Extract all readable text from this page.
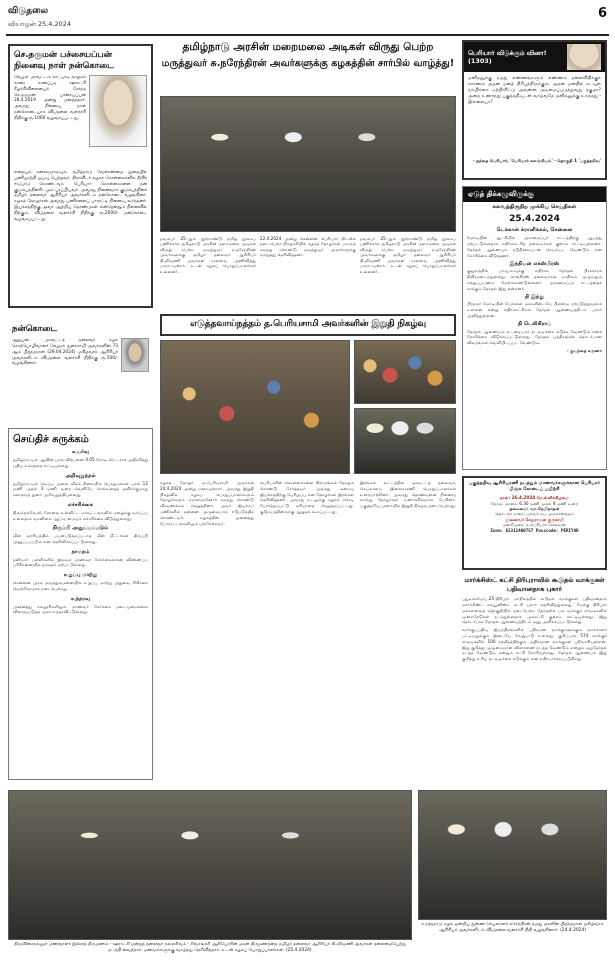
விடுதலை
வியாழன் 25.4.2024
6
செ.தருமன் பச்சையப்பன்
நினைவு நாள் நன்கொடை
வேலூர் மாவட்டம் காட்பாடி தாலுகா காரை கானப்படி ஊராட்சி கீழச்சிவிளையைச் சேர்ந்த செ.தருமன் பச்சையப்பன் 28.4.2019 அன்று மறைந்தார். அவரது நினைவு நாள் நன்கொடையாக விடுதலை வளர்ச்சி நிதிக்கு ரூ.1000 வழங்கப்பட்டது.
எதையும் கலைஞராகவும், தமிழ்நாடு வேளாண்மை துறையில் பணியாற்றி ஓய்வு பெற்றவர். திராவிடர் கழகக் கொள்கைகளில் தீவிர ஈடுபாடு கொண்டவர். பெரியார் கொள்கைகளை தன் குடும்பத்தினரிடமும் பரப்பியவர். அவரது நினைவாக குடும்பத்தினர் தமிழர் தலைவர் ஆசிரியர் அவர்களிடம் நன்கொடை வழங்கினர். கழகத் தோழர்கள் அவரது பணிகளைப் பாராட்டி நினைவு கூர்ந்தனர். இயக்கத்திற்கு அவர் ஆற்றிய தொண்டுகள் என்றென்றும் நினைவில் நிற்கும். விடுதலை வளர்ச்சி நிதிக்கு ரூ.2000/- நன்கொடை வழங்கப்பட்டது.
நன்கொடை
ஆறுபடை மாவட்டத் தலைவர் கழக சொற்பொழிவாளர் வேலூர் துரைசாமி அவர்களின் 73 ஆம் பிறந்தநாள் (29.04.2024) மகிழ்வாக ஆசிரியர் அவர்களிடம் விடுதலை வளர்ச்சி நிதிக்கு ரூ.500/- வழங்கினார்.
செய்திச் சுருக்கம்
உயர்வு
தமிழ்நாட்டில் ஆவின் பால் விற்பனை 4.05 கோடி லிட்டராக அதிகரித்து புதிய உச்சத்தை எட்டியுள்ளது.
அறிவுறுத்தல்
தமிழ்நாட்டில் வெப்ப அலை வீசும் நிலையில் பொதுமக்கள் பகல் 12 மணி முதல் 3 மணி வரை வெளியே செல்வதைத் தவிர்க்குமாறு சுகாதாரத் துறை அறிவுறுத்தியுள்ளது.
எச்சரிக்கை
திருநெல்வேலி, கோவை உள்ளிட்ட மாவட்டங்களில் மழைக்கு வாய்ப்பு உள்ளதாக வானிலை ஆய்வு மையம் எச்சரிக்கை விடுத்துள்ளது.
திருப்பி அனுப்பப்படும்
மின் வாரியத்தில் பயன்படுத்தப்படாத மின் மீட்டர்கள் திருப்பி அனுப்பப்படும் என தெரிவிக்கப்பட்டுள்ளது.
தாமதம்
தனியார் பள்ளிகளில் இலவச மாணவர் சேர்க்கைக்கான விண்ணப்ப பரிசீலனையில் தாமதம் ஏற்பட்டுள்ளது.
உறுப்பு மாற்று
சென்னை அரசு மருத்துவமனையில் உறுப்பு மாற்று அறுவை சிகிச்சை வெற்றிகரமாக நடைபெற்றது.
உத்தரவு
அனைத்து கல்லூரிகளிலும் மாணவர் சேர்க்கை நடைமுறைகளை விரைவுபடுத்த அரசு உத்தரவிட்டுள்ளது.
தமிழ்நாடு அரசின் மறைமலை அடிகள் விருது பெற்ற
மருத்துவர் சு.நரேந்திரன் அவர்களுக்கு கழகத்தின் சார்பில் வாழ்த்து!
நவம்பர் 25-ஆம் நூற்றாண்டு தமிழ் நூலகப் பணிக்காக தமிழ்நாடு அரசின் மறைமலை அடிகள் விருது பெற்ற மருத்துவர் சு.நரேந்திரன் அவர்களுக்கு தமிழர் தலைவர் ஆசிரியர் கி.வீரமணி அவர்கள் சால்வை அணிவித்து பாராட்டினார். உடன் கழகப் பொறுப்பாளர்கள் உள்ளனர்.
22.4.2024 அன்று சென்னை பெரியார் திடலில் நடைபெற்ற நிகழ்ச்சியில் கழகத் தோழர்கள் பலரும் கலந்து கொண்டு மருத்துவர் அவர்களுக்கு வாழ்த்து தெரிவித்தனர்.
நவம்பர் 25-ஆம் நூற்றாண்டு தமிழ் நூலகப் பணிக்காக தமிழ்நாடு அரசின் மறைமலை அடிகள் விருது பெற்ற மருத்துவர் சு.நரேந்திரன் அவர்களுக்கு தமிழர் தலைவர் ஆசிரியர் கி.வீரமணி அவர்கள் சால்வை அணிவித்து பாராட்டினார். உடன் கழகப் பொறுப்பாளர்கள் உள்ளனர்.
எடுத்தவாய்நத்தம் த.பெரியசாமி அவர்களின் இறுதி நிகழ்வு
கழகத் தோழர் த.பெரியசாமி அவர்கள் 24.4.2024 அன்று மறைவுற்றார். அவரது இறுதி நிகழ்வில் கழகப் பொறுப்பாளர்களும் தோழர்களும் ஏராளமானோர் கலந்து கொண்டு வீரவணக்கம் செலுத்தினர். அவர் இயக்கப் பணிகளில் தன்னை முழுமையாக ஈடுபடுத்திக் கொண்டவர். கழகத்தின் அனைத்து போராட்டங்களிலும் பங்கேற்றவர்.
பெரியாரின் கொள்கைகளை கிராமங்கள் தோறும் கொண்டு சேர்த்தவர். அவரது மறைவு இயக்கத்திற்கு பேரிழப்பு என தோழர்கள் இரங்கல் தெரிவித்தனர். அவரது உடலுக்கு கழகக் கொடி போர்த்தப்பட்டு மரியாதை செலுத்தப்பட்டது. குடும்பத்தினருக்கு ஆறுதல் கூறப்பட்டது.
இரங்கல் கூட்டத்தில் மாவட்டத் தலைவர், செயலாளர், இளைஞரணி பொறுப்பாளர்கள் உரையாற்றினர். அவரது தொண்டினை நினைவு கூர்ந்து தோழர்கள் உணர்ச்சிகரமாக பேசினர். பகுத்தறிவு முறையில் இறுதி நிகழ்வு நடைபெற்றது.
பெரியார் விடுக்கும் வினா! (1303)
மனிதனுக்கு நமது எண்ணங்களும் எண்ணம் தலைவிதிக்குக் காரணம் அதன் மனத் திரிபுத்திருக்கும். அதன் மனதில் கடவுள் நம்பிக்கை ஏற்றிவிட்டு அவனை அடிமைப்படுத்துவது தகுமா? அதை உணர்ந்து பகுத்தறிவுடன் வாழ்வதே மனிதனுக்கு உகந்தது - இல்லையா?
- தந்தை பெரியார், 'பெரியார் களஞ்சியம்' - தொகுதி 1 'பகுத்தறிவு'
ஏடுத் திக்கழுவிருக்கு
கலவத்திருநிற முக்கிய செய்திகள்
25.4.2024
டெக்கான் க்ரானிக்கல், சென்னை
மோடியின் ஆட்சியில் அரசமைப்புச் சட்டத்திற்கு ஆபத்து ஏற்பட்டுள்ளதாக எதிர்க்கட்சித் தலைவர்கள் குற்றம் சாட்டியுள்ளனர். தேர்தல் ஆணையம் நடுநிலையுடன் செயல்பட வேண்டும் என கோரிக்கை விடுத்தனர்.
இந்தியன் எக்ஸ்பிரஸ்
குஜராத்தில் பா.ஜ.க.வுக்கு எதிராக தேர்தல் பிரச்சாரம் தீவிரமடைந்துள்ளது. காங்கிரஸ் தலைவர்கள் மாநிலம் முழுவதும் சுற்றுப்பயணம் மேற்கொண்டுள்ளனர். அரசமைப்புச் சட்டத்தைக் காக்கும் தேர்தல் இது என்றனர்.
தி இந்து
பிரதமர் மோடியின் பேச்சுகள் மக்களிடையே பிளவை ஏற்படுத்துவதாக உள்ளன என்று எதிர்க்கட்சிகள் தேர்தல் ஆணையத்திடம் புகார் அளித்துள்ளன.
தி டெலிகிராப்
தேர்தல் ஆணையம் உடனடியாக நடவடிக்கை எடுக்க வேண்டும் எனக் கோரிக்கை விடுக்கப்பட்டுள்ளது. தேர்தல் பத்திரங்கள் தொடர்பான விவரங்கள் வெளியிடப்பட வேண்டும்.
- குடந்தை கருணா
பகுத்தறிவு ஆசிரியரணி நடத்தும் மாணவர்களுக்கான பெரியார் பிஞ்சு கோடைப் பயிற்சி
நாள்: 26.4.2024 வெள்ளிக்கிழமை
நேரம்: மாலை 6.30 மணி முதல் 8 மணி வரை
தலைமை: வா.நேமிநாதன்
தொடக்க உரை: புலவர் சுப.முருகானந்தம்
முனைவர் சேதுராமன் குருசாமி
நன்றியுரை: ச.பெரியார் செல்வன்
Zoom: 82311400757 Passcode: PERIYAR
மார்க்சிஸ்ட் கட்சி திரிபுராவில் கூடுதல் வாக்குகள் பதிவானதாக புகார்
புதுடில்லி,ஏப்.25-திரிபுரா மாநிலத்தில் கூடுதல் வாக்குகள் பதிவானதாக மார்க்சிஸ்ட் கம்யூனிஸ்ட் கட்சி புகார் தெரிவித்துள்ளது. மேற்கு திரிபுரா மக்களவைத் தொகுதியில் நடைபெற்ற தேர்தலில் பல வாக்குச் சாவடிகளில் முறைகேடுகள் நடந்துள்ளதாக அக்கட்சி குற்றம் சாட்டியுள்ளது. இது தொடர்பாக தேர்தல் ஆணையத்திடம் மனு அளிக்கப்பட்டுள்ளது.
வாக்குப்பதிவு இயந்திரங்களில் பதிவான வாக்குகளுக்கும் வாக்காளர் பட்டியலுக்கும் இடையே வேறுபாடு உள்ளது. குறிப்பாக 574 வாக்குச் சாவடிகளில் 100 சதவீதத்திற்கும் அதிகமான வாக்குகள் பதிவாகியுள்ளன. இது குறித்து முழுமையான விசாரணை நடத்த வேண்டும் என்றும் மறுதேர்தல் நடத்த வேண்டும் என்றும் கட்சி கோரியுள்ளது. தேர்தல் ஆணையம் இது குறித்து உரிய நடவடிக்கை எடுக்கும் என எதிர்பார்க்கப்படுகிறது.
திருவிசைநல்லூர் மணவாளர் இல்லத் திருமணம் - ஊராட்சி மன்றத் தலைவர் நல்லசிவம் - சிவசங்கரி ஆகியோரின் மகன் திருமணத்தை தமிழர் தலைவர் ஆசிரியர் கி.வீரமணி அவர்கள் தலைமையேற்று நடத்தி வைத்தார். மணமக்களுக்கு வாழ்த்து தெரிவித்தார். உடன் கழகப் பொறுப்பாளர்கள். (25.4.2024)
உரத்தநாடு கழக ஒன்றிய துணை செயலாளர் சுரேந்திரன் தமது மகளின் பிறந்தநாள் மகிழ்வாக ஆசிரியர் அவர்களிடம் விடுதலை வளர்ச்சி நிதி வழங்கினார். (24.4.2024)
